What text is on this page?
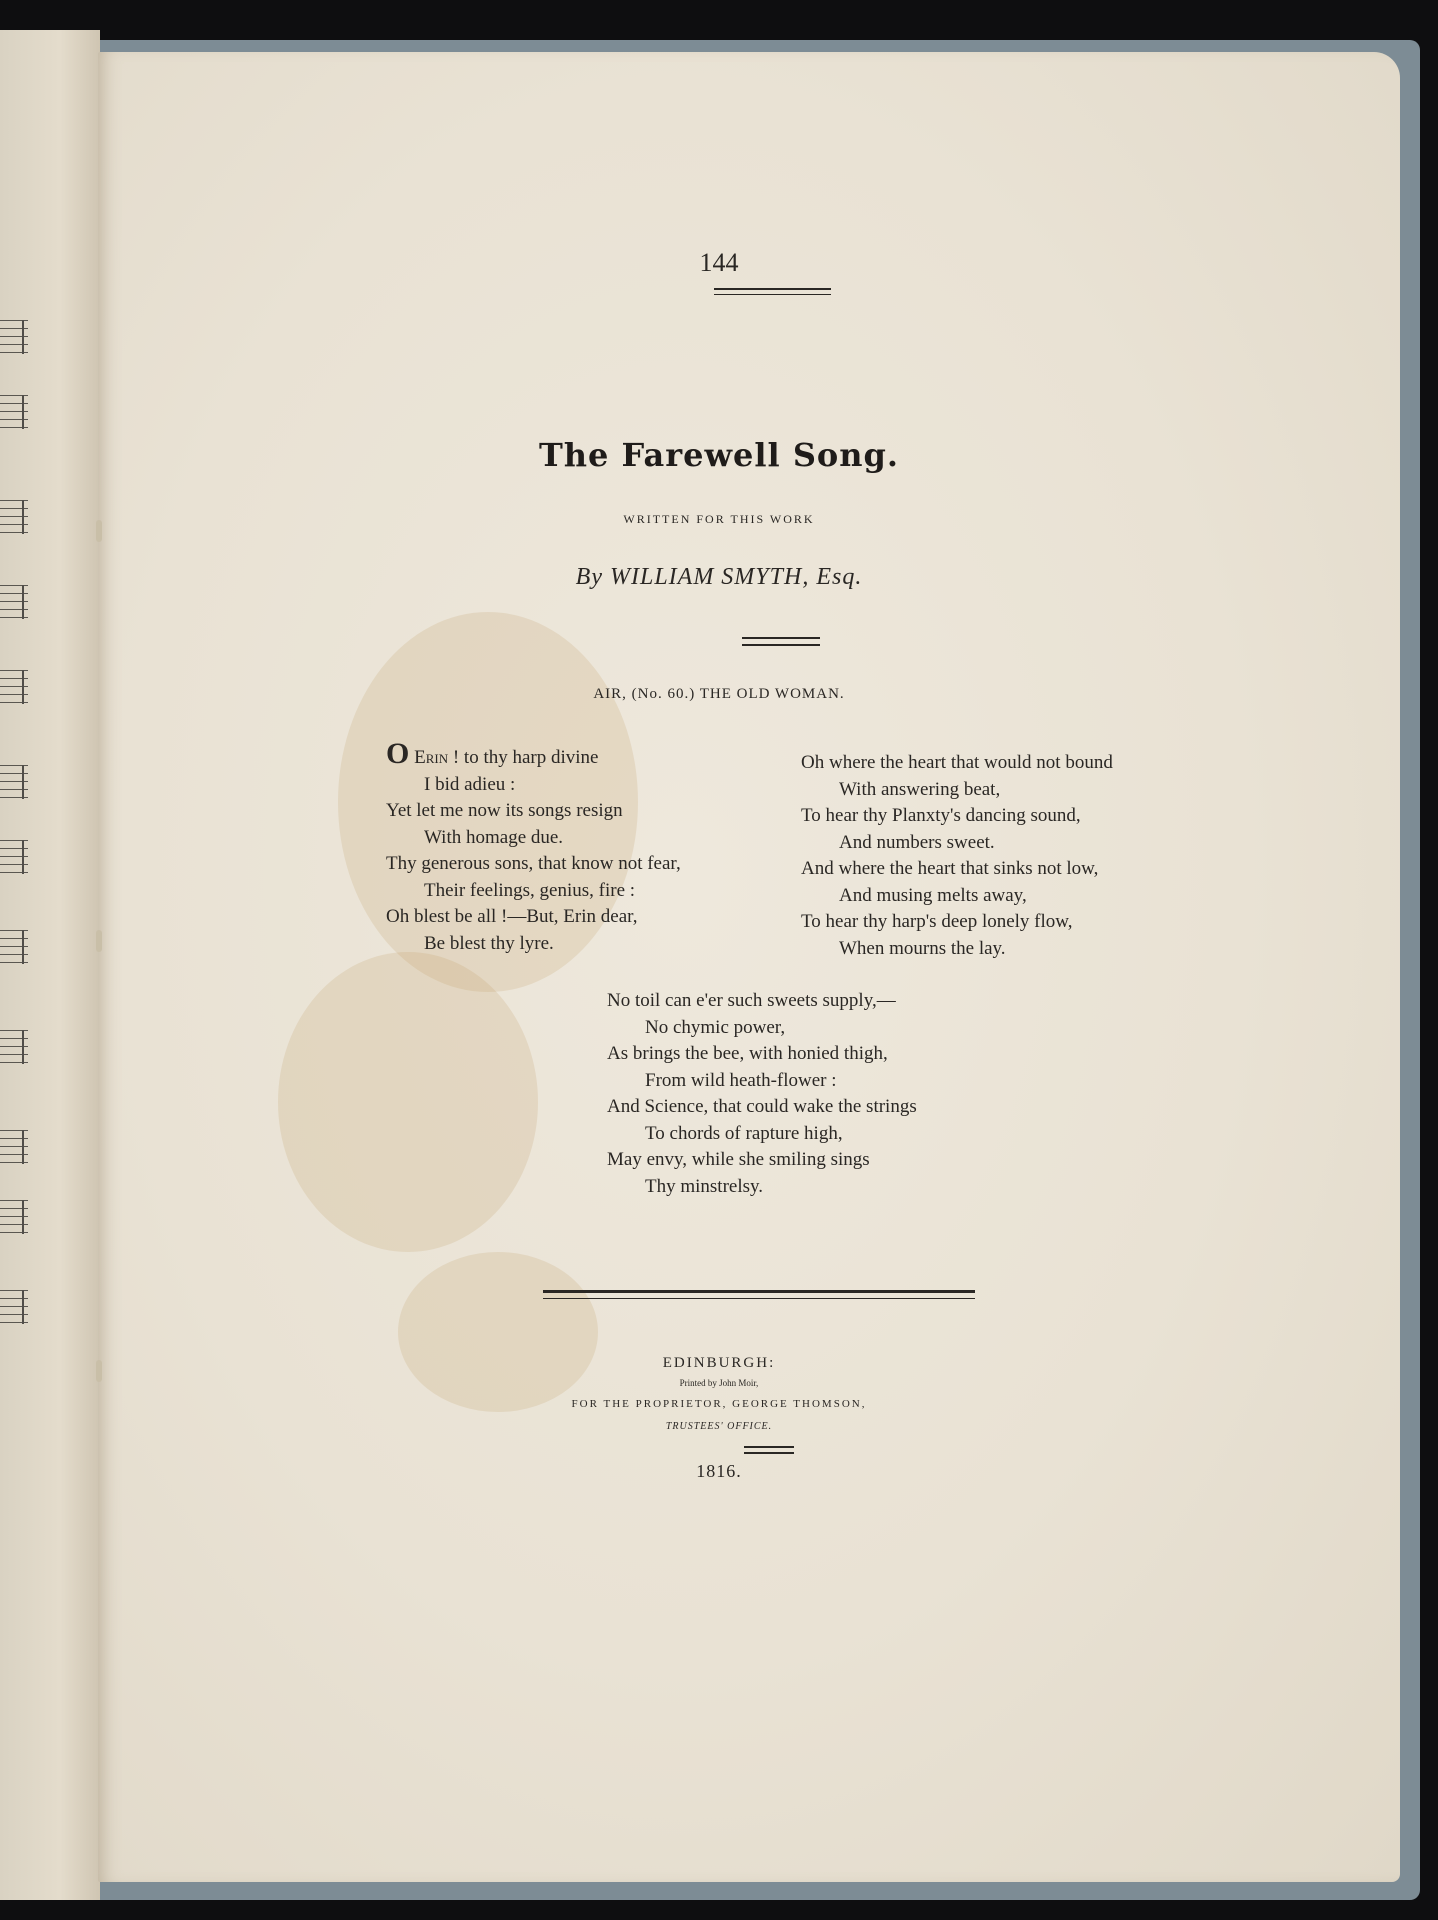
144
The Farewell Song.
WRITTEN FOR THIS WORK
By WILLIAM SMYTH, Esq.
AIR, (No. 60.) THE OLD WOMAN.
O Erin ! to thy harp divine
I bid adieu :
Yet let me now its songs resign
With homage due.
Thy generous sons, that know not fear,
Their feelings, genius, fire :
Oh blest be all !—But, Erin dear,
Be blest thy lyre.
Oh where the heart that would not bound
With answering beat,
To hear thy Planxty's dancing sound,
And numbers sweet.
And where the heart that sinks not low,
And musing melts away,
To hear thy harp's deep lonely flow,
When mourns the lay.
No toil can e'er such sweets supply,—
No chymic power,
As brings the bee, with honied thigh,
From wild heath-flower :
And Science, that could wake the strings
To chords of rapture high,
May envy, while she smiling sings
Thy minstrelsy.
EDINBURGH:
Printed by John Moir,
FOR THE PROPRIETOR, GEORGE THOMSON,
TRUSTEES' OFFICE.
1816.
